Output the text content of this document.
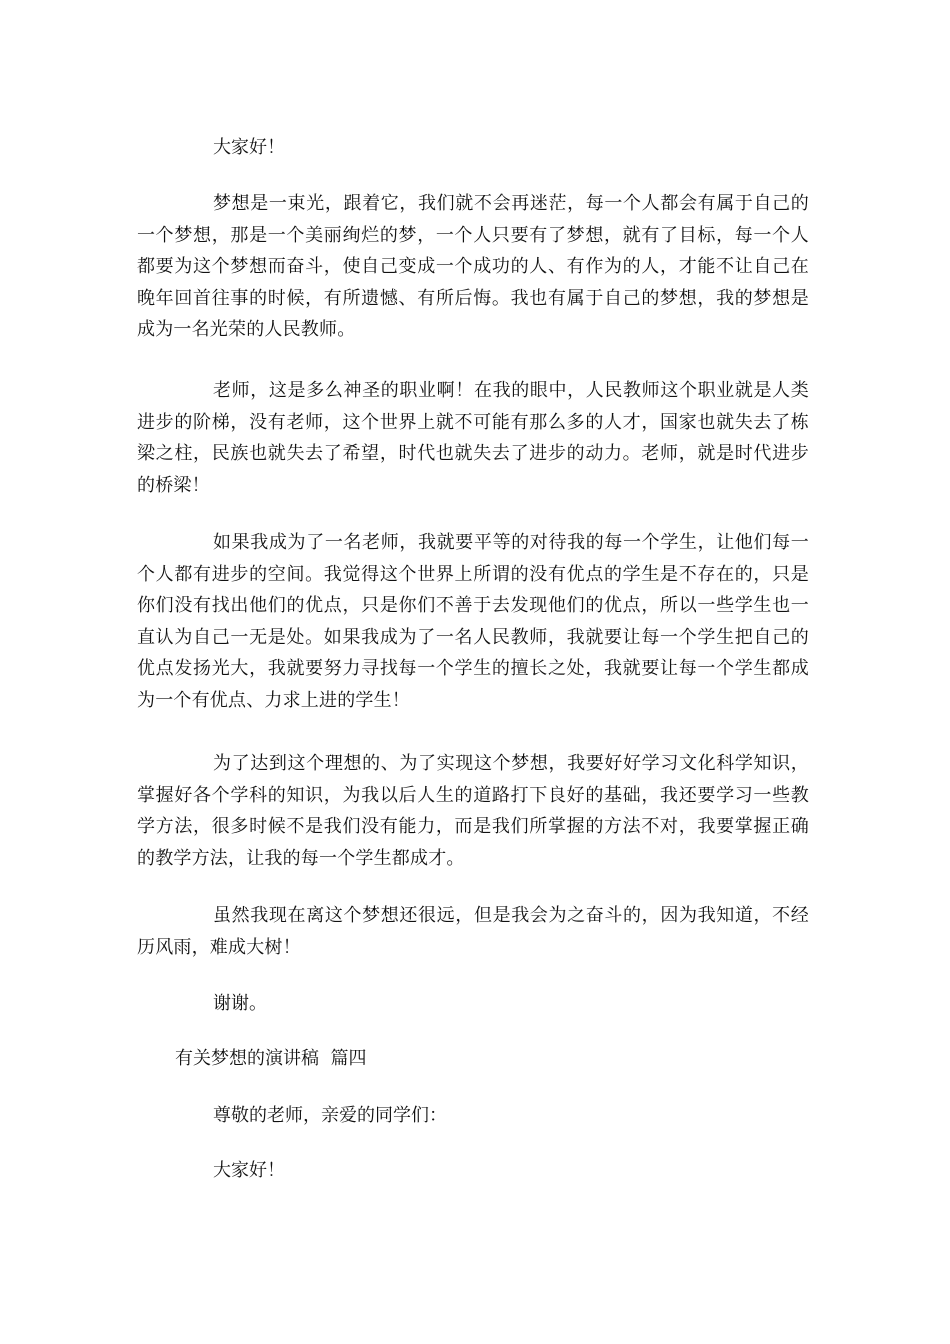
大家好！

梦想是一束光，跟着它，我们就不会再迷茫，每一个人都会有属于自己的一个梦想，那是一个美丽绚烂的梦，一个人只要有了梦想，就有了目标，每一个人都要为这个梦想而奋斗，使自己变成一个成功的人、有作为的人，才能不让自己在晚年回首往事的时候，有所遗憾、有所后悔。我也有属于自己的梦想，我的梦想是成为一名光荣的人民教师。

老师，这是多么神圣的职业啊！在我的眼中，人民教师这个职业就是人类进步的阶梯，没有老师，这个世界上就不可能有那么多的人才，国家也就失去了栋梁之柱，民族也就失去了希望，时代也就失去了进步的动力。老师，就是时代进步的桥梁！

如果我成为了一名老师，我就要平等的对待我的每一个学生，让他们每一个人都有进步的空间。我觉得这个世界上所谓的没有优点的学生是不存在的，只是你们没有找出他们的优点，只是你们不善于去发现他们的优点，所以一些学生也一直认为自己一无是处。如果我成为了一名人民教师，我就要让每一个学生把自己的优点发扬光大，我就要努力寻找每一个学生的擅长之处，我就要让每一个学生都成为一个有优点、力求上进的学生！

为了达到这个理想的、为了实现这个梦想，我要好好学习文化科学知识，掌握好各个学科的知识，为我以后人生的道路打下良好的基础，我还要学习一些教学方法，很多时候不是我们没有能力，而是我们所掌握的方法不对，我要掌握正确的教学方法，让我的每一个学生都成才。

虽然我现在离这个梦想还很远，但是我会为之奋斗的，因为我知道，不经历风雨，难成大树！

谢谢。

有关梦想的演讲稿  篇四

尊敬的老师，亲爱的同学们：

大家好！
